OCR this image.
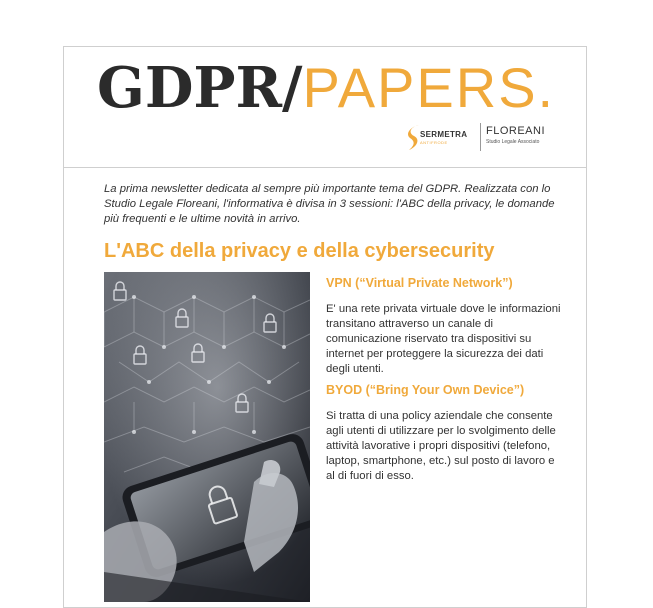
GDPR/PAPERS.
SERMETRA
ANTIFRODE
FLOREANI
Studio Legale Associato
La prima newsletter dedicata al sempre più importante tema del GDPR. Realizzata con lo Studio Legale Floreani, l'informativa è divisa in 3 sessioni: l'ABC della privacy, le domande più frequenti e le ultime novità in arrivo.
L'ABC della privacy e della cybersecurity
VPN (“Virtual Private Network”)
E' una rete privata virtuale dove le informazioni transitano attraverso un canale di comunicazione riservato tra dispositivi su internet per proteggere la sicurezza dei dati degli utenti.
BYOD (“Bring Your Own Device”)
Si tratta di una policy aziendale che consente agli utenti di utilizzare per lo svolgimento delle attività lavorative i propri dispositivi (telefono, laptop, smartphone, etc.) sul posto di lavoro e al di fuori di esso.
